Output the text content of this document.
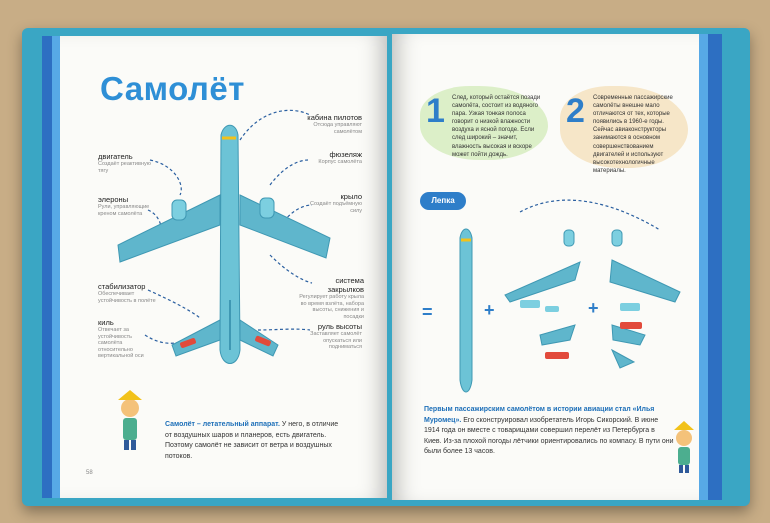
Самолёт
кабина пилотов
Отсюда управляют самолётом
двигатель
Создаёт реактивную тягу
фюзеляж
Корпус самолёта
элероны
Рули, управляющие креном самолёта
крыло
Создаёт подъёмную силу
стабилизатор
Обеспечивает устойчивость в полёте
система закрылков
Регулирует работу крыла во время взлёта, набора высоты, снижения и посадки
киль
Отвечает за устойчивость самолёта относительно вертикальной оси
руль высоты
Заставляет самолёт опускаться или подниматься
Самолёт – летательный аппарат. У него, в отличие от воздушных шаров и планеров, есть двигатель. Поэтому самолёт не зависит от ветра и воздушных потоков.
58
1 След, который остаётся позади самолёта, состоит из водяного пара. Узкая тонкая полоса говорит о низкой влажности воздуха и ясной погоде. Если след широкий – значит, влажность высокая и вскоре может пойти дождь.
2 Современные пассажирские самолёты внешне мало отличаются от тех, которые появились в 1960-е годы. Сейчас авиаконструкторы занимаются в основном совершенствованием двигателей и используют высокотехнологичные материалы.
Лепка
=	+	+
Первым пассажирским самолётом в истории авиации стал «Илья Муромец». Его сконструировал изобретатель Игорь Сикорский. В июне 1914 года он вместе с товарищами совершил перелёт из Петербурга в Киев. Из-за плохой погоды лётчики ориентировались по компасу. В пути они были более 13 часов.
